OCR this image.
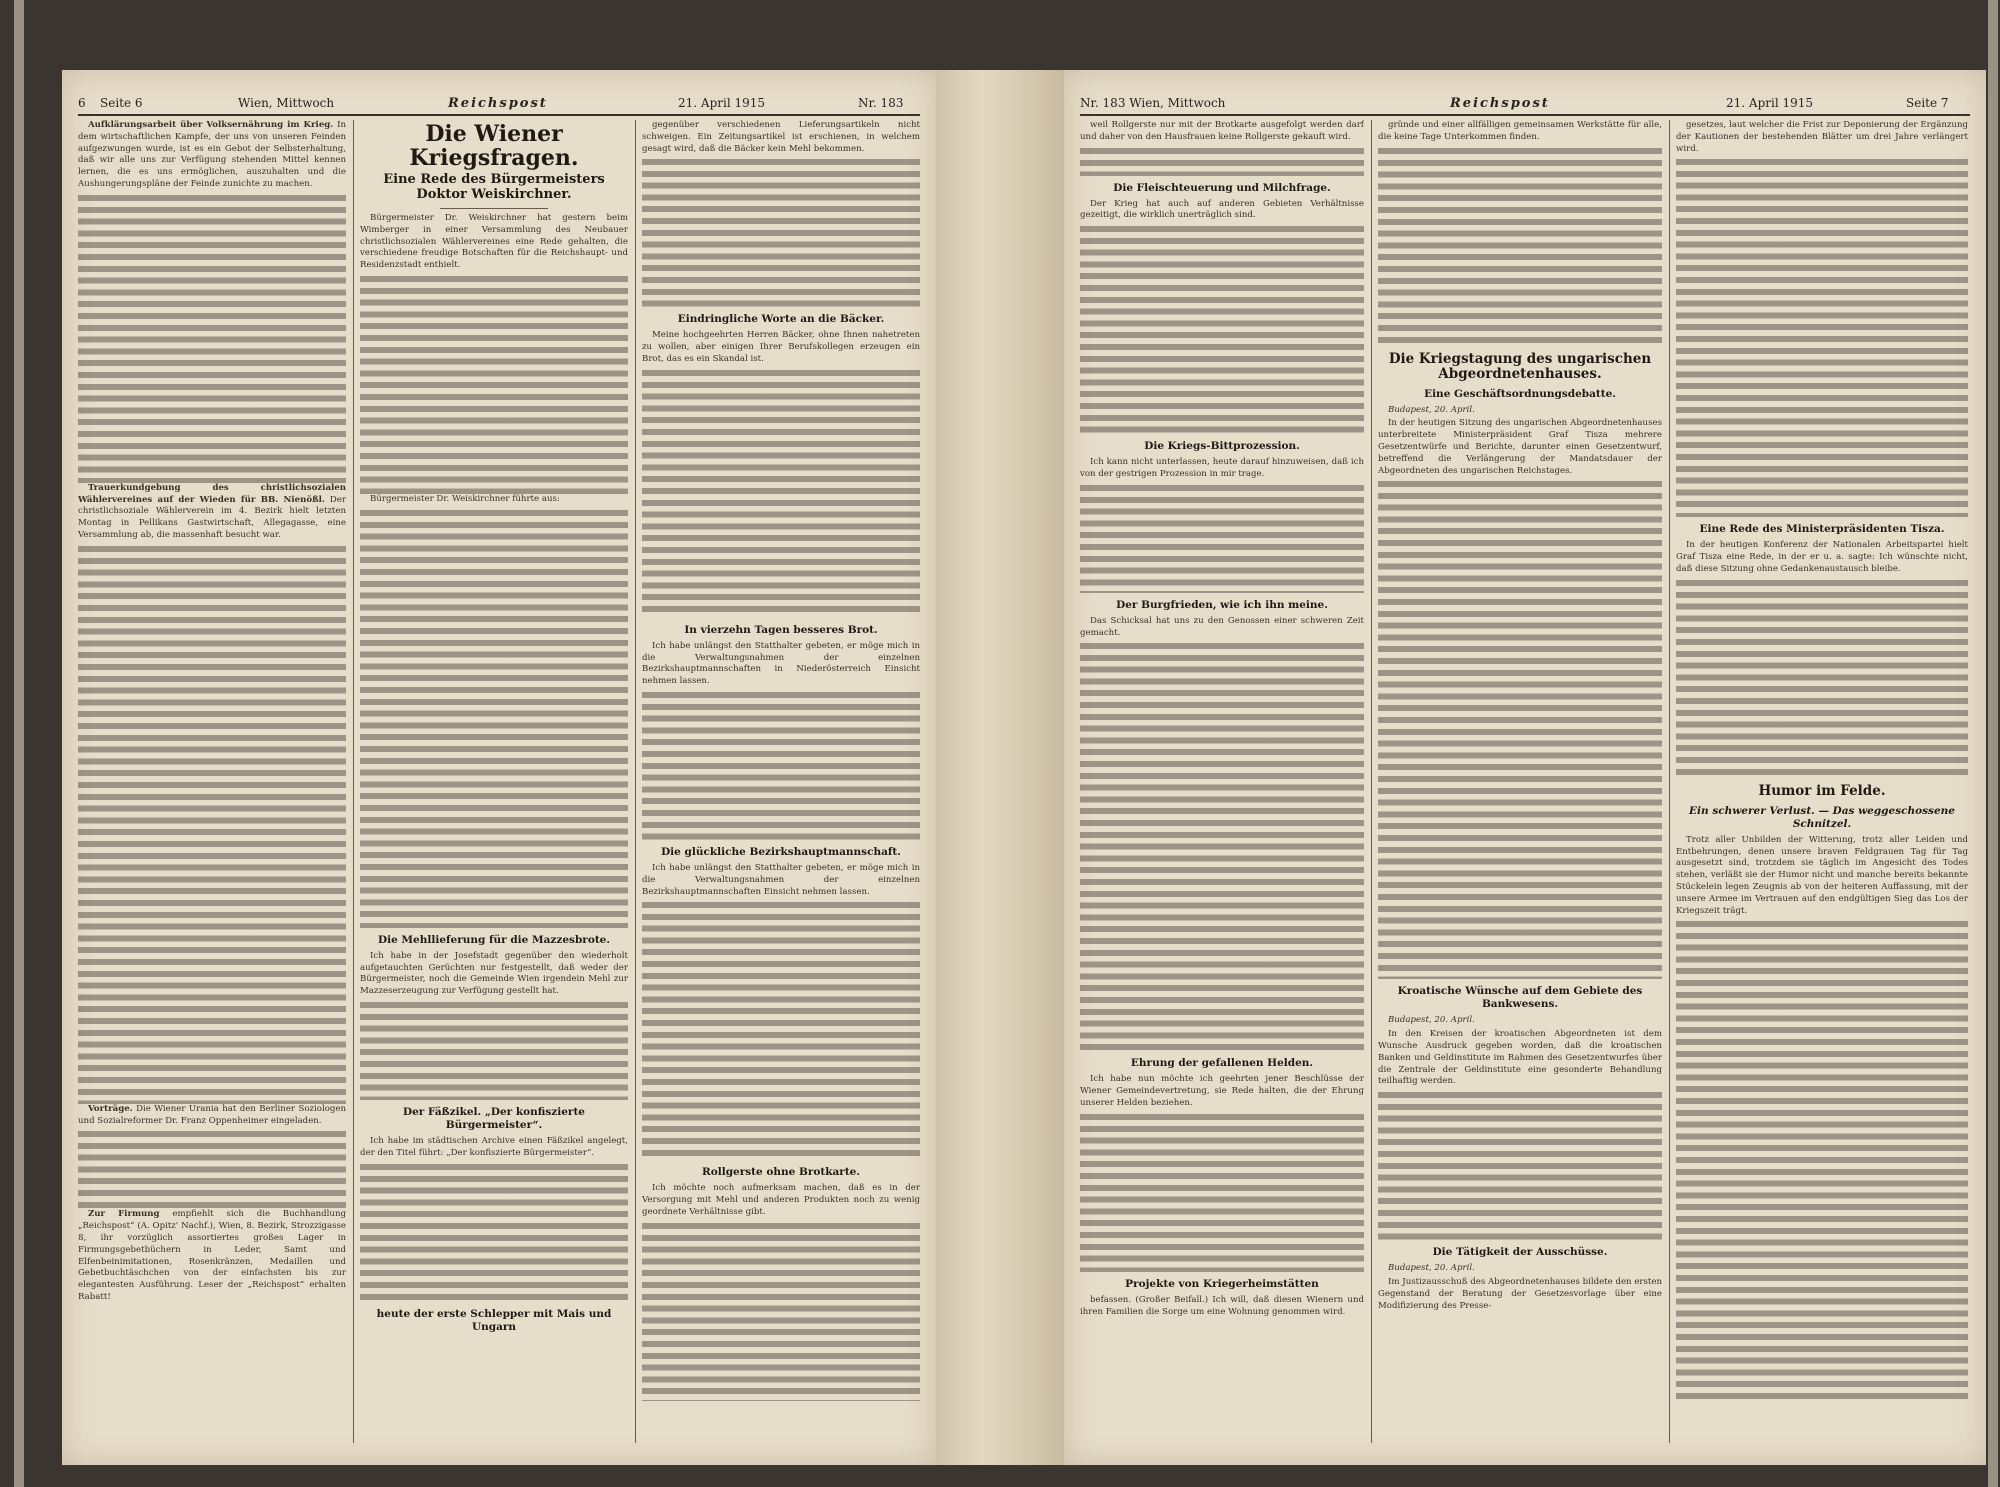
6 Seite 6	Wien, Mittwoch	Reichspost	21. April 1915	Nr. 183

Aufklärungsarbeit über Volksernährung im Krieg. In dem wirtschaftlichen Kampfe, der uns von unseren Feinden aufgezwungen wurde, ist es ein Gebot der Selbsterhaltung, daß wir alle uns zur Verfügung stehenden Mittel kennen lernen, die es uns ermöglichen, auszuhalten und die Aushungerungspläne der Feinde zunichte zu machen.

Trauerkundgebung des christlichsozialen Wählervereines auf der Wieden für BB. Nienößl. Der christlichsoziale Wählerverein im 4. Bezirk hielt letzten Montag in Pellikans Gastwirtschaft, Allegagasse, eine Versammlung ab, die massenhaft besucht war.

Vorträge. Die Wiener Urania hat den Berliner Soziologen und Sozialreformer Dr. Franz Oppenheimer eingeladen.

Zur Firmung empfiehlt sich die Buchhandlung „Reichspost“ (A. Opitz' Nachf.), Wien, 8. Bezirk, Strozzigasse 8, ihr vorzüglich assortiertes großes Lager in Firmungsgebetbüchern in Leder, Samt und Elfenbeinimitationen, Rosenkränzen, Medaillen und Gebetbuchtäschchen von der einfachsten bis zur elegantesten Ausführung. Leser der „Reichspost“ erhalten Rabatt!

Die Wiener Kriegsfragen.
Eine Rede des Bürgermeisters Doktor Weiskirchner.

Bürgermeister Dr. Weiskirchner hat gestern beim Wimberger in einer Versammlung des Neubauer christlichsozialen Wählervereines eine Rede gehalten, die verschiedene freudige Botschaften für die Reichshaupt- und Residenzstadt enthielt.

Bürgermeister Dr. Weiskirchner führte aus:

Die Mehllieferung für die Mazzesbrote.

Ich habe in der Josefstadt gegenüber den wiederholt aufgetauchten Gerüchten nur festgestellt, daß weder der Bürgermeister, noch die Gemeinde Wien irgendein Mehl zur Mazzeserzeugung zur Verfügung gestellt hat.

Der Fäßzikel. „Der konfiszierte Bürgermeister“.

Ich habe im städtischen Archive einen Fäßzikel angelegt, der den Titel führt: „Der konfiszierte Bürgermeister“.

heute der erste Schlepper mit Mais und Ungarn

gegenüber verschiedenen Lieferungsartikeln nicht schweigen. Ein Zeitungsartikel ist erschienen, in welchem gesagt wird, daß die Bäcker kein Mehl bekommen.

Eindringliche Worte an die Bäcker.

Meine hochgeehrten Herren Bäcker, ohne Ihnen nahetreten zu wollen, aber einigen Ihrer Berufskollegen erzeugen ein Brot, das es ein Skandal ist.

In vierzehn Tagen besseres Brot.

Ich habe unlängst den Statthalter gebeten, er möge mich in die Verwaltungsnahmen der einzelnen Bezirkshauptmannschaften in Niederösterreich Einsicht nehmen lassen.

Die glückliche Bezirkshauptmannschaft.

Ich habe unlängst den Statthalter gebeten, er möge mich in die Verwaltungsnahmen der einzelnen Bezirkshauptmannschaften Einsicht nehmen lassen.

Rollgerste ohne Brotkarte.

Ich möchte noch aufmerksam machen, daß es in der Versorgung mit Mehl und anderen Produkten noch zu wenig geordnete Verhältnisse gibt.

Nr. 183 Wien, Mittwoch	Reichspost	21. April 1915	Seite 7

weil Rollgerste nur mit der Brotkarte ausgefolgt werden darf und daher von den Hausfrauen keine Rollgerste gekauft wird.

Die Fleischteuerung und Milchfrage.

Der Krieg hat auch auf anderen Gebieten Verhältnisse gezeitigt, die wirklich unerträglich sind.

Die Kriegs-Bittprozession.

Ich kann nicht unterlassen, heute darauf hinzuweisen, daß ich von der gestrigen Prozession in mir trage.

Der Burgfrieden, wie ich ihn meine.

Das Schicksal hat uns zu den Genossen einer schweren Zeit gemacht.

Ehrung der gefallenen Helden.

Ich habe nun möchte ich geehrten jener Beschlüsse der Wiener Gemeindevertretung, sie Rede halten, die der Ehrung unserer Helden beziehen.

Projekte von Kriegerheimstätten

befassen. (Großer Beifall.) Ich will, daß diesen Wienern und ihren Familien die Sorge um eine Wohnung genommen wird.

gründe und einer allfälligen gemeinsamen Werkstätte für alle, die keine Tage Unterkommen finden.

Die Kriegstagung des ungarischen Abgeordnetenhauses.
Eine Geschäftsordnungsdebatte.

Budapest, 20. April.

In der heutigen Sitzung des ungarischen Abgeordnetenhauses unterbreitete Ministerpräsident Graf Tisza mehrere Gesetzentwürfe und Berichte, darunter einen Gesetzentwurf, betreffend die Verlängerung der Mandatsdauer der Abgeordneten des ungarischen Reichstages.

Kroatische Wünsche auf dem Gebiete des Bankwesens.

Budapest, 20. April.

In den Kreisen der kroatischen Abgeordneten ist dem Wunsche Ausdruck gegeben worden, daß die kroatischen Banken und Geldinstitute im Rahmen des Gesetzentwurfes über die Zentrale der Geldinstitute eine gesonderte Behandlung teilhaftig werden.

Die Tätigkeit der Ausschüsse.

Budapest, 20. April.

Im Justizausschuß des Abgeordnetenhauses bildete den ersten Gegenstand der Beratung der Gesetzesvorlage über eine Modifizierung des Presse-

gesetzes, laut welcher die Frist zur Deponierung der Ergänzung der Kautionen der bestehenden Blätter um drei Jahre verlängert wird.

Eine Rede des Ministerpräsidenten Tisza.

In der heutigen Konferenz der Nationalen Arbeitspartei hielt Graf Tisza eine Rede, in der er u. a. sagte: Ich wünschte nicht, daß diese Sitzung ohne Gedankenaustausch bleibe.

Humor im Felde.
Ein schwerer Verlust. — Das weggeschossene Schnitzel.

Trotz aller Unbilden der Witterung, trotz aller Leiden und Entbehrungen, denen unsere braven Feldgrauen Tag für Tag ausgesetzt sind, trotzdem sie täglich im Angesicht des Todes stehen, verläßt sie der Humor nicht und manche bereits bekannte Stückelein legen Zeugnis ab von der heiteren Auffassung, mit der unsere Armee im Vertrauen auf den endgültigen Sieg das Los der Kriegszeit trägt.
